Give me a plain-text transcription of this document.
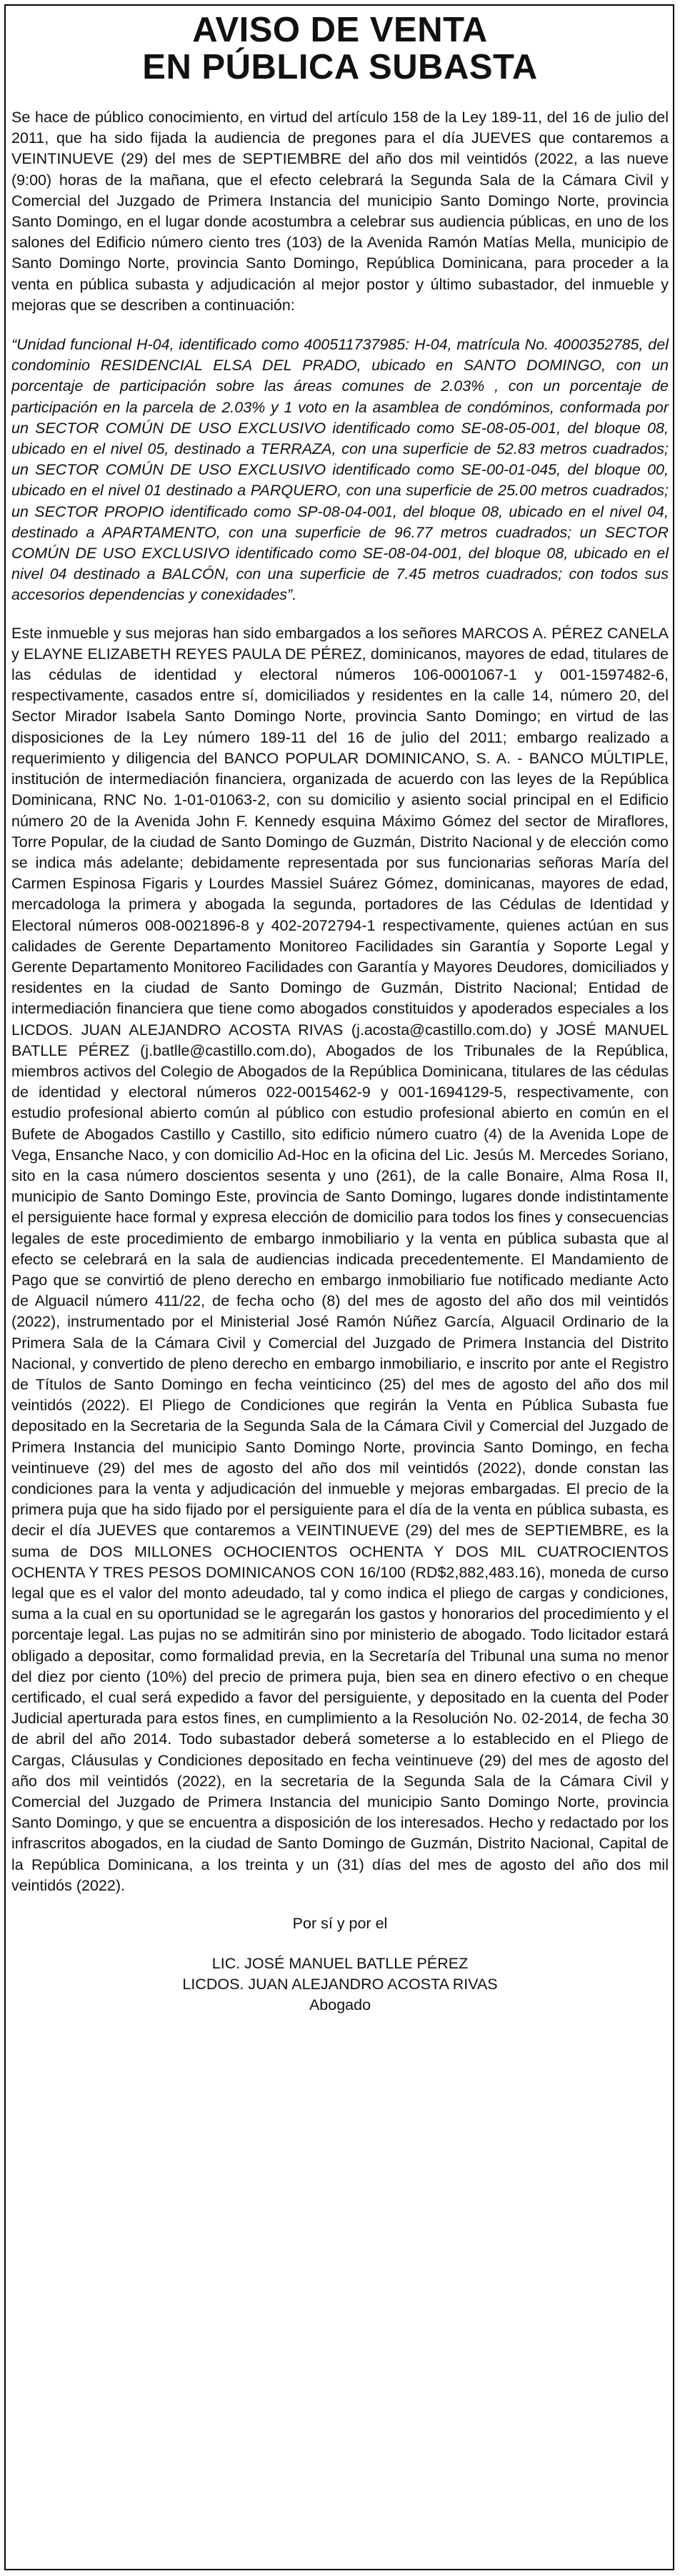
AVISO DE VENTA
EN PÚBLICA SUBASTA

Se hace de público conocimiento, en virtud del artículo 158 de la Ley 189-11, del 16 de julio del 2011, que ha sido fijada la audiencia de pregones para el día JUEVES que contaremos a VEINTINUEVE (29) del mes de SEPTIEMBRE del año dos mil veintidós (2022, a las nueve (9:00) horas de la mañana, que el efecto celebrará la Segunda Sala de la Cámara Civil y Comercial del Juzgado de Primera Instancia del municipio Santo Domingo Norte, provincia Santo Domingo, en el lugar donde acostumbra a celebrar sus audiencia públicas, en uno de los salones del Edificio número ciento tres (103) de la Avenida Ramón Matías Mella, municipio de Santo Domingo Norte, provincia Santo Domingo, República Dominicana, para proceder a la venta en pública subasta y adjudicación al mejor postor y último subastador, del inmueble y mejoras que se describen a continuación:

“Unidad funcional H-04, identificado como 400511737985: H-04, matrícula No. 4000352785, del condominio RESIDENCIAL ELSA DEL PRADO, ubicado en SANTO DOMINGO, con un porcentaje de participación sobre las áreas comunes de 2.03% , con un porcentaje de participación en la parcela de 2.03% y 1 voto en la asamblea de condóminos, conformada por un SECTOR COMÚN DE USO EXCLUSIVO identificado como SE-08-05-001, del bloque 08, ubicado en el nivel 05, destinado a TERRAZA, con una superficie de 52.83 metros cuadrados; un SECTOR COMÚN DE USO EXCLUSIVO identificado como SE-00-01-045, del bloque 00, ubicado en el nivel 01 destinado a PARQUERO, con una superficie de 25.00 metros cuadrados; un SECTOR PROPIO identificado como SP-08-04-001, del bloque 08, ubicado en el nivel 04, destinado a APARTAMENTO, con una superficie de 96.77 metros cuadrados; un SECTOR COMÚN DE USO EXCLUSIVO identificado como SE-08-04-001, del bloque 08, ubicado en el nivel 04 destinado a BALCÓN, con una superficie de 7.45 metros cuadrados; con todos sus accesorios dependencias y conexidades”.

Este inmueble y sus mejoras han sido embargados a los señores MARCOS A. PÉREZ CANELA y ELAYNE ELIZABETH REYES PAULA DE PÉREZ, dominicanos, mayores de edad, titulares de las cédulas de identidad y electoral números 106-0001067-1 y 001-1597482-6, respectivamente, casados entre sí, domiciliados y residentes en la calle 14, número 20, del Sector Mirador Isabela Santo Domingo Norte, provincia Santo Domingo; en virtud de las disposiciones de la Ley número 189-11 del 16 de julio del 2011; embargo realizado a requerimiento y diligencia del BANCO POPULAR DOMINICANO, S. A. - BANCO MÚLTIPLE, institución de intermediación financiera, organizada de acuerdo con las leyes de la República Dominicana, RNC No. 1-01-01063-2, con su domicilio y asiento social principal en el Edificio número 20 de la Avenida John F. Kennedy esquina Máximo Gómez del sector de Miraflores, Torre Popular, de la ciudad de Santo Domingo de Guzmán, Distrito Nacional y de elección como se indica más adelante; debidamente representada por sus funcionarias señoras María del Carmen Espinosa Figaris y Lourdes Massiel Suárez Gómez, dominicanas, mayores de edad, mercadologa la primera y abogada la segunda, portadores de las Cédulas de Identidad y Electoral números 008-0021896-8 y 402-2072794-1 respectivamente, quienes actúan en sus calidades de Gerente Departamento Monitoreo Facilidades sin Garantía y Soporte Legal y Gerente Departamento Monitoreo Facilidades con Garantía y Mayores Deudores, domiciliados y residentes en la ciudad de Santo Domingo de Guzmán, Distrito Nacional; Entidad de intermediación financiera que tiene como abogados constituidos y apoderados especiales a los LICDOS. JUAN ALEJANDRO ACOSTA RIVAS (j.acosta@castillo.com.do) y JOSÉ MANUEL BATLLE PÉREZ (j.batlle@castillo.com.do), Abogados de los Tribunales de la República, miembros activos del Colegio de Abogados de la República Dominicana, titulares de las cédulas de identidad y electoral números 022-0015462-9 y 001-1694129-5, respectivamente, con estudio profesional abierto común al público con estudio profesional abierto en común en el Bufete de Abogados Castillo y Castillo, sito edificio número cuatro (4) de la Avenida Lope de Vega, Ensanche Naco, y con domicilio Ad-Hoc en la oficina del Lic. Jesús M. Mercedes Soriano, sito en la casa número doscientos sesenta y uno (261), de la calle Bonaire, Alma Rosa II, municipio de Santo Domingo Este, provincia de Santo Domingo, lugares donde indistintamente el persiguiente hace formal y expresa elección de domicilio para todos los fines y consecuencias legales de este procedimiento de embargo inmobiliario y la venta en pública subasta que al efecto se celebrará en la sala de audiencias indicada precedentemente. El Mandamiento de Pago que se convirtió de pleno derecho en embargo inmobiliario fue notificado mediante Acto de Alguacil número 411/22, de fecha ocho (8) del mes de agosto del año dos mil veintidós (2022), instrumentado por el Ministerial José Ramón Núñez García, Alguacil Ordinario de la Primera Sala de la Cámara Civil y Comercial del Juzgado de Primera Instancia del Distrito Nacional, y convertido de pleno derecho en embargo inmobiliario, e inscrito por ante el Registro de Títulos de Santo Domingo en fecha veinticinco (25) del mes de agosto del año dos mil veintidós (2022). El Pliego de Condiciones que regirán la Venta en Pública Subasta fue depositado en la Secretaria de la Segunda Sala de la Cámara Civil y Comercial del Juzgado de Primera Instancia del municipio Santo Domingo Norte, provincia Santo Domingo, en fecha veintinueve (29) del mes de agosto del año dos mil veintidós (2022), donde constan las condiciones para la venta y adjudicación del inmueble y mejoras embargadas. El precio de la primera puja que ha sido fijado por el persiguiente para el día de la venta en pública subasta, es decir el día JUEVES que contaremos a VEINTINUEVE (29) del mes de SEPTIEMBRE, es la suma de DOS MILLONES OCHOCIENTOS OCHENTA Y DOS MIL CUATROCIENTOS OCHENTA Y TRES PESOS DOMINICANOS CON 16/100 (RD$2,882,483.16), moneda de curso legal que es el valor del monto adeudado, tal y como indica el pliego de cargas y condiciones, suma a la cual en su oportunidad se le agregarán los gastos y honorarios del procedimiento y el porcentaje legal. Las pujas no se admitirán sino por ministerio de abogado. Todo licitador estará obligado a depositar, como formalidad previa, en la Secretaría del Tribunal una suma no menor del diez por ciento (10%) del precio de primera puja, bien sea en dinero efectivo o en cheque certificado, el cual será expedido a favor del persiguiente, y depositado en la cuenta del Poder Judicial aperturada para estos fines, en cumplimiento a la Resolución No. 02-2014, de fecha 30 de abril del año 2014. Todo subastador deberá someterse a lo establecido en el Pliego de Cargas, Cláusulas y Condiciones depositado en fecha veintinueve (29) del mes de agosto del año dos mil veintidós (2022), en la secretaria de la Segunda Sala de la Cámara Civil y Comercial del Juzgado de Primera Instancia del municipio Santo Domingo Norte, provincia Santo Domingo, y que se encuentra a disposición de los interesados. Hecho y redactado por los infrascritos abogados, en la ciudad de Santo Domingo de Guzmán, Distrito Nacional, Capital de la República Dominicana, a los treinta y un (31) días del mes de agosto del año dos mil veintidós (2022).

Por sí y por el
LIC. JOSÉ MANUEL BATLLE PÉREZ
LICDOS. JUAN ALEJANDRO ACOSTA RIVAS
Abogado
